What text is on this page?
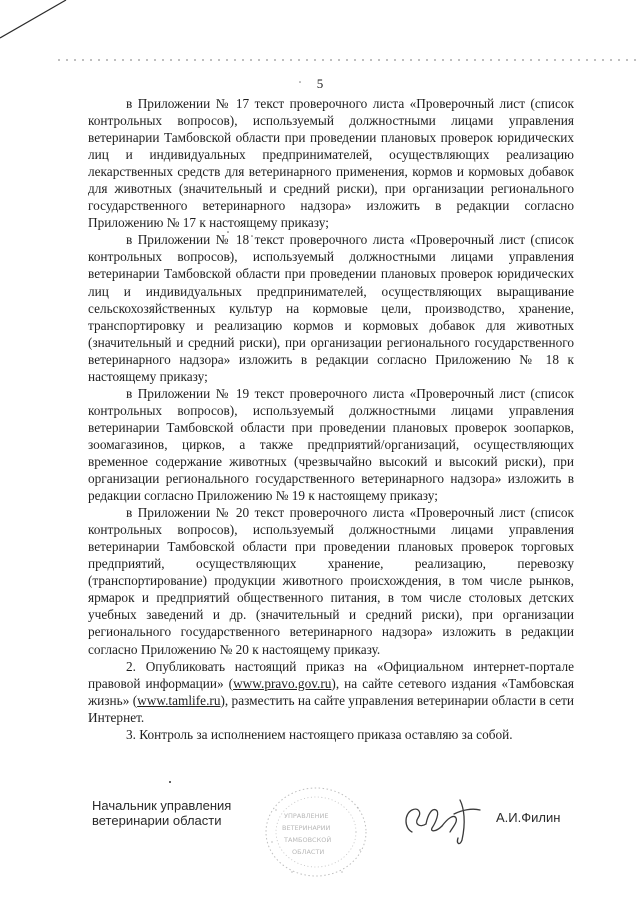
5

в Приложении № 17 текст проверочного листа «Проверочный лист (список контрольных вопросов), используемый должностными лицами управления ветеринарии Тамбовской области при проведении плановых проверок юридических лиц и индивидуальных предпринимателей, осуществляющих реализацию лекарственных средств для ветеринарного применения, кормов и кормовых добавок для животных (значительный и средний риски), при организации регионального государственного ветеринарного надзора» изложить в редакции согласно Приложению № 17 к настоящему приказу;

в Приложении № 18 текст проверочного листа «Проверочный лист (список контрольных вопросов), используемый должностными лицами управления ветеринарии Тамбовской области при проведении плановых проверок юридических лиц и индивидуальных предпринимателей, осуществляющих выращивание сельскохозяйственных культур на кормовые цели, производство, хранение, транспортировку и реализацию кормов и кормовых добавок для животных (значительный и средний риски), при организации регионального государственного ветеринарного надзора» изложить в редакции согласно Приложению № 18 к настоящему приказу;

в Приложении № 19 текст проверочного листа «Проверочный лист (список контрольных вопросов), используемый должностными лицами управления ветеринарии Тамбовской области при проведении плановых проверок зоопарков, зоомагазинов, цирков, а также предприятий/организаций, осуществляющих временное содержание животных (чрезвычайно высокий и высокий риски), при организации регионального государственного ветеринарного надзора» изложить в редакции согласно Приложению № 19 к настоящему приказу;

в Приложении № 20 текст проверочного листа «Проверочный лист (список контрольных вопросов), используемый должностными лицами управления ветеринарии Тамбовской области при проведении плановых проверок торговых предприятий, осуществляющих хранение, реализацию, перевозку (транспортирование) продукции животного происхождения, в том числе рынков, ярмарок и предприятий общественного питания, в том числе столовых детских учебных заведений и др. (значительный и средний риски), при организации регионального государственного ветеринарного надзора» изложить в редакции согласно Приложению № 20 к настоящему приказу.

2. Опубликовать настоящий приказ на «Официальном интернет-портале правовой информации» (www.pravo.gov.ru), на сайте сетевого издания «Тамбовская жизнь» (www.tamlife.ru), разместить на сайте управления ветеринарии области в сети Интернет.

3. Контроль за исполнением настоящего приказа оставляю за собой.

Начальник управления
ветеринарии области	УПРАВЛЕНИЕ
ВЕТЕРИНАРИИ
ТАМБОВСКОЙ
ОБЛАСТИ
А.И.Филин
